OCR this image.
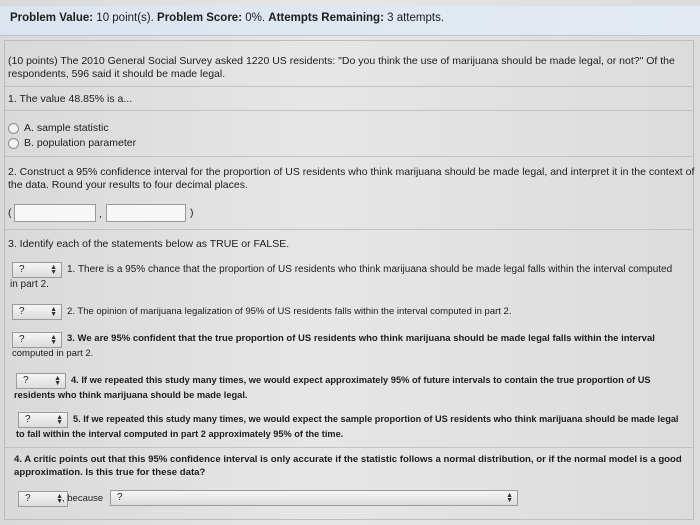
Problem Value: 10 point(s). Problem Score: 0%. Attempts Remaining: 3 attempts.
(10 points) The 2010 General Social Survey asked 1220 US residents: "Do you think the use of marijuana should be made legal, or not?" Of the
respondents, 596 said it should be made legal.
1. The value 48.85% is a...
A. sample statistic
B. population parameter
2. Construct a 95% confidence interval for the proportion of US residents who think marijuana should be made legal, and interpret it in the context of
the data. Round your results to four decimal places.
(	,	)
3. Identify each of the statements below as TRUE or FALSE.
?	▲
▼ 1. There is a 95% chance that the proportion of US residents who think marijuana should be made legal falls within the interval computed
in part 2.
?	▲
▼ 2. The opinion of marijuana legalization of 95% of US residents falls within the interval computed in part 2.
?	▲
▼ 3. We are 95% confident that the true proportion of US residents who think marijuana should be made legal falls within the interval
computed in part 2.
?	▲
▼ 4. If we repeated this study many times, we would expect approximately 95% of future intervals to contain the true proportion of US
residents who think marijuana should be made legal.
?	▲
▼ 5. If we repeated this study many times, we would expect the sample proportion of US residents who think marijuana should be made legal
to fall within the interval computed in part 2 approximately 95% of the time.
4. A critic points out that this 95% confidence interval is only accurate if the statistic follows a normal distribution, or if the normal model is a good
approximation. Is this true for these data?
?	▲
▼ , because	?	▲
▼
